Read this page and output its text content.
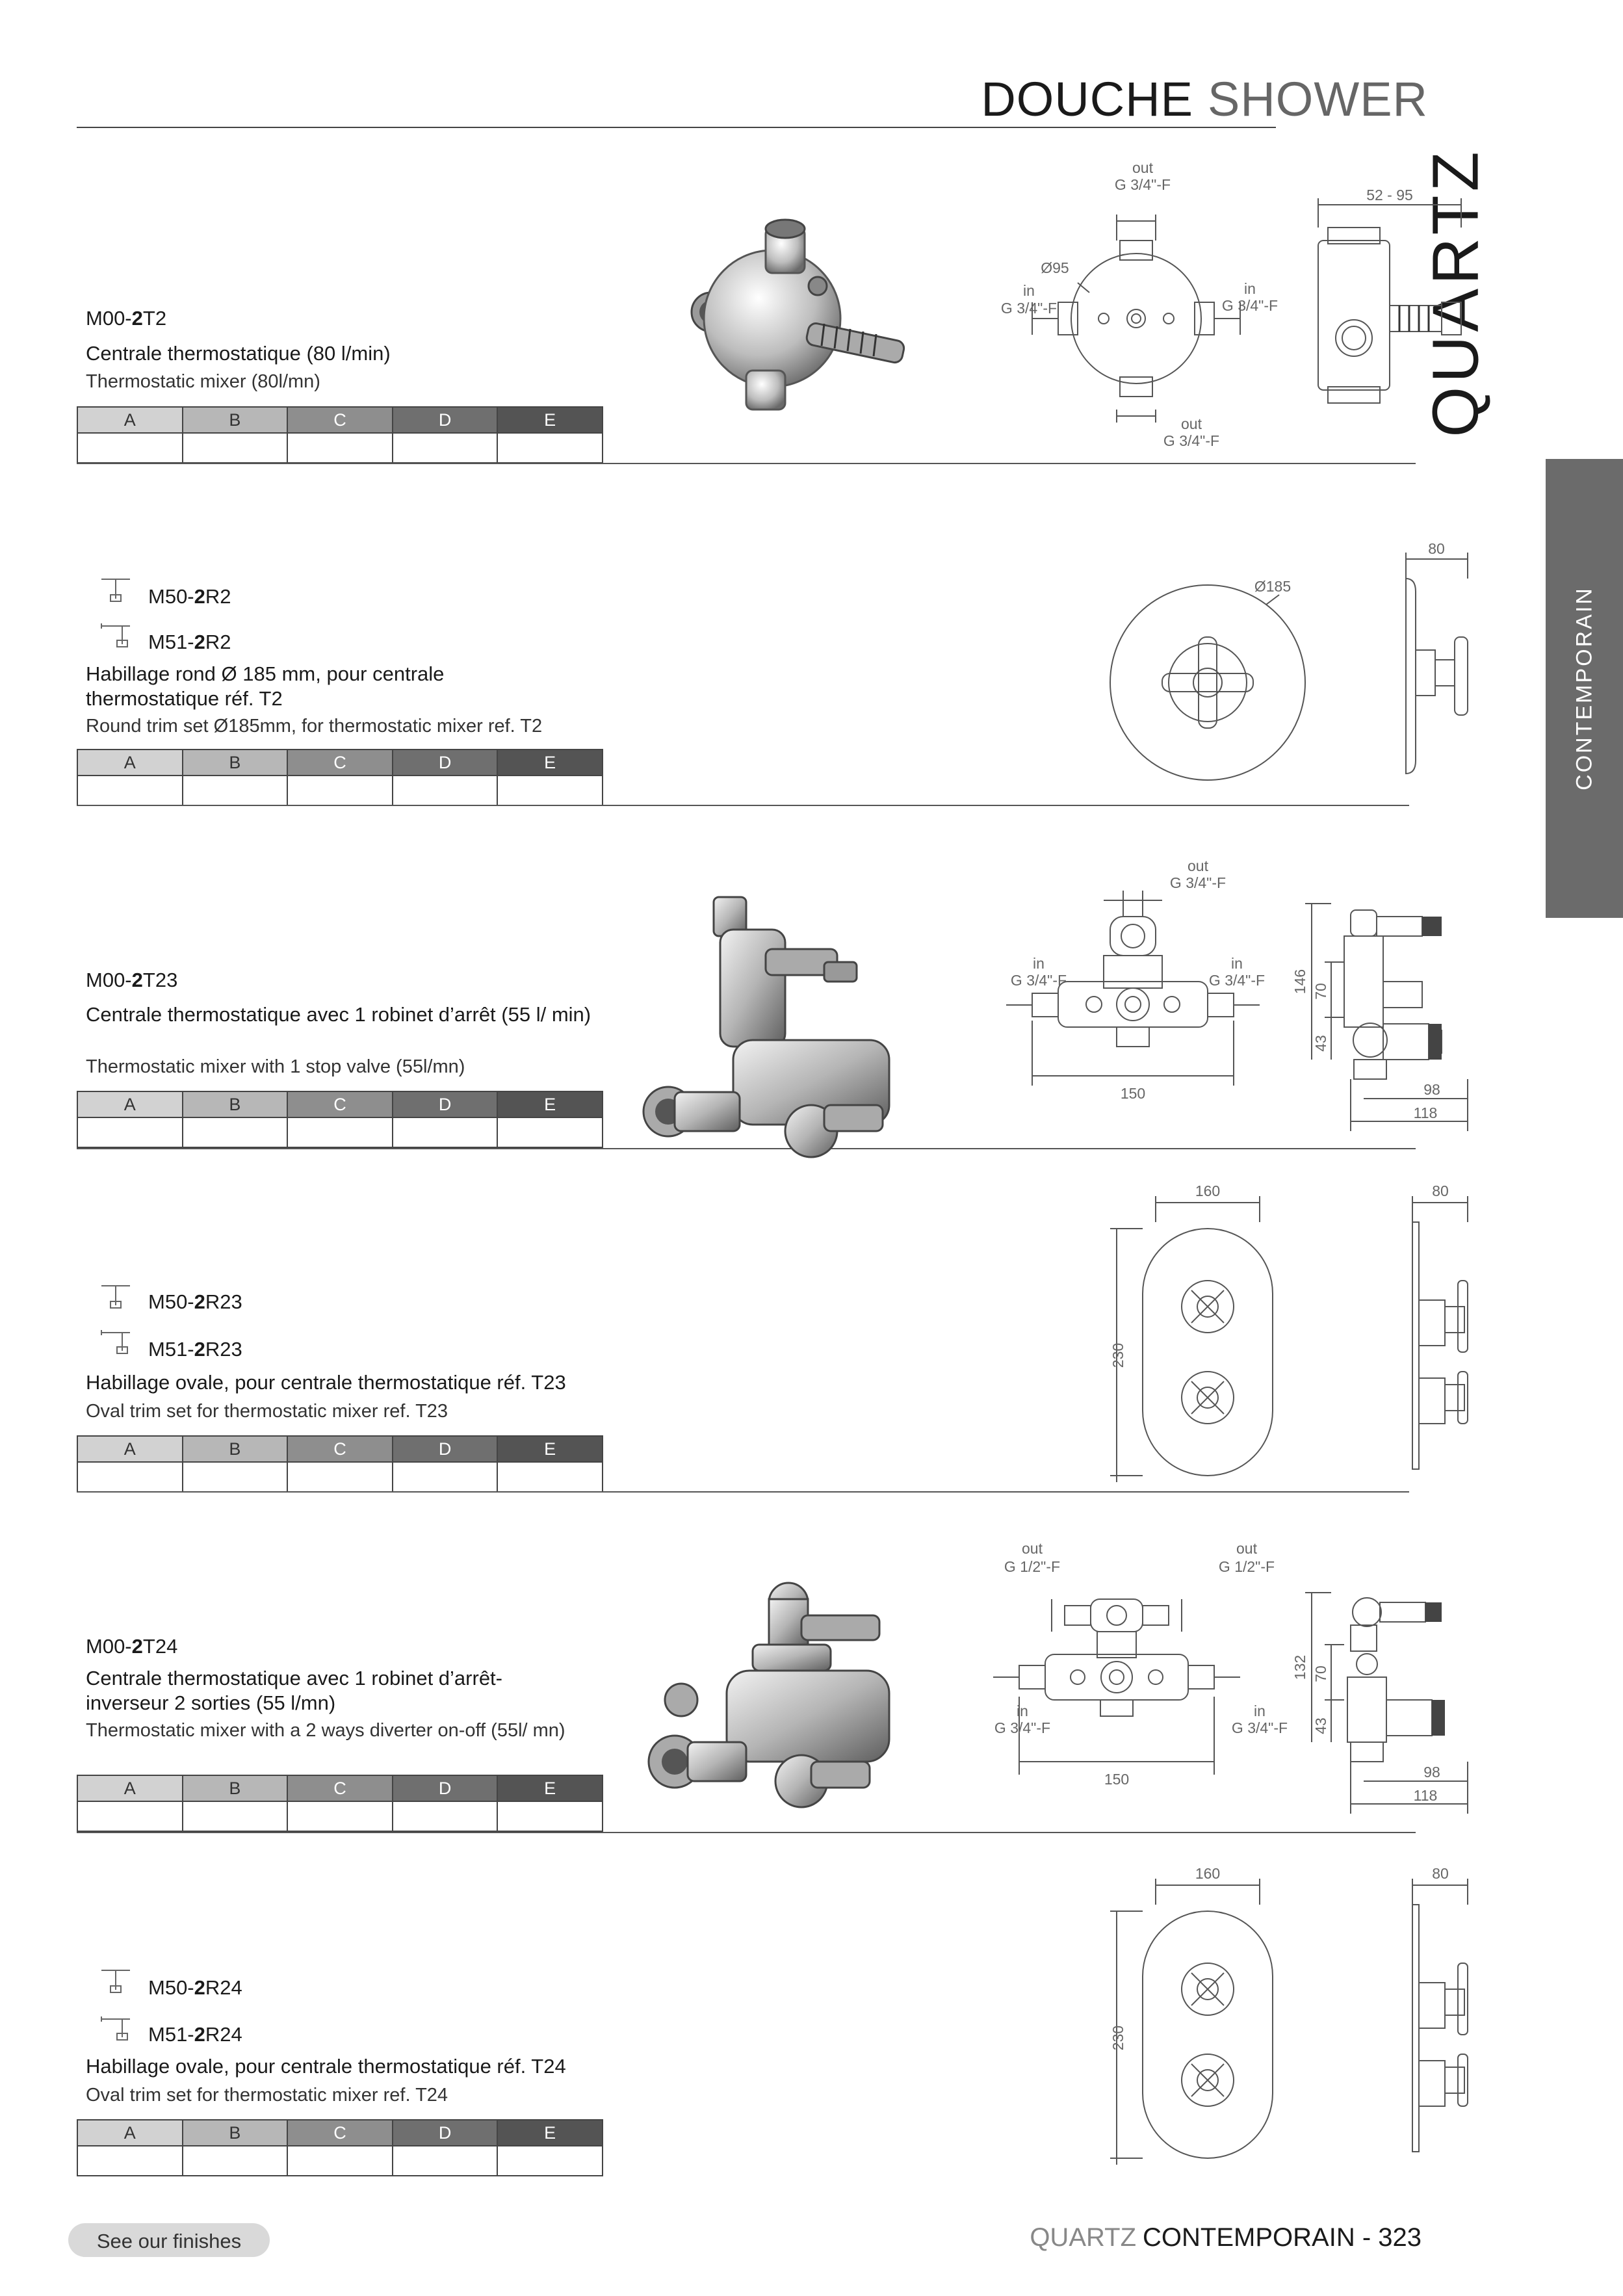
DOUCHE SHOWER
QUARTZ
CONTEMPORAIN
M00-2T2
Centrale thermostatique (80 l/min)
Thermostatic mixer (80l/mn)
A	B	C	D	E

out
G 3/4"-F
Ø95
in
G 3/4"-F
in
G 3/4"-F
out
G 3/4"-F
52 - 95
M50-2R2
M51-2R2
Habillage rond Ø 185 mm, pour centrale thermostatique réf. T2
Round trim set Ø185mm, for thermostatic mixer ref. T2
A	B	C	D	E

Ø185
80
M00-2T23
Centrale thermostatique avec 1 robinet d’arrêt (55 l/ min)
Thermostatic mixer with 1 stop valve (55l/mn)
A	B	C	D	E

out
G 3/4"-F
in
G 3/4"-F
in
G 3/4"-F
150
146 70
43
98
118
M50-2R23
M51-2R23
Habillage ovale, pour centrale thermostatique réf. T23
Oval trim set for thermostatic mixer ref. T23
A	B	C	D	E

160
230
80
M00-2T24
Centrale thermostatique avec 1 robinet d’arrêt-inverseur 2 sorties (55 l/mn)
Thermostatic mixer with a 2 ways diverter on-off (55l/ mn)
A	B	C	D	E

out
G 1/2"-F
out
G 1/2"-F
in
G 3/4"-F
in
G 3/4"-F
150
132 70
43
98
118
M50-2R24
M51-2R24
Habillage ovale, pour centrale thermostatique réf. T24
Oval trim set for thermostatic mixer ref. T24
A	B	C	D	E

160
230
80
See our finishes	QUARTZ CONTEMPORAIN - 323
